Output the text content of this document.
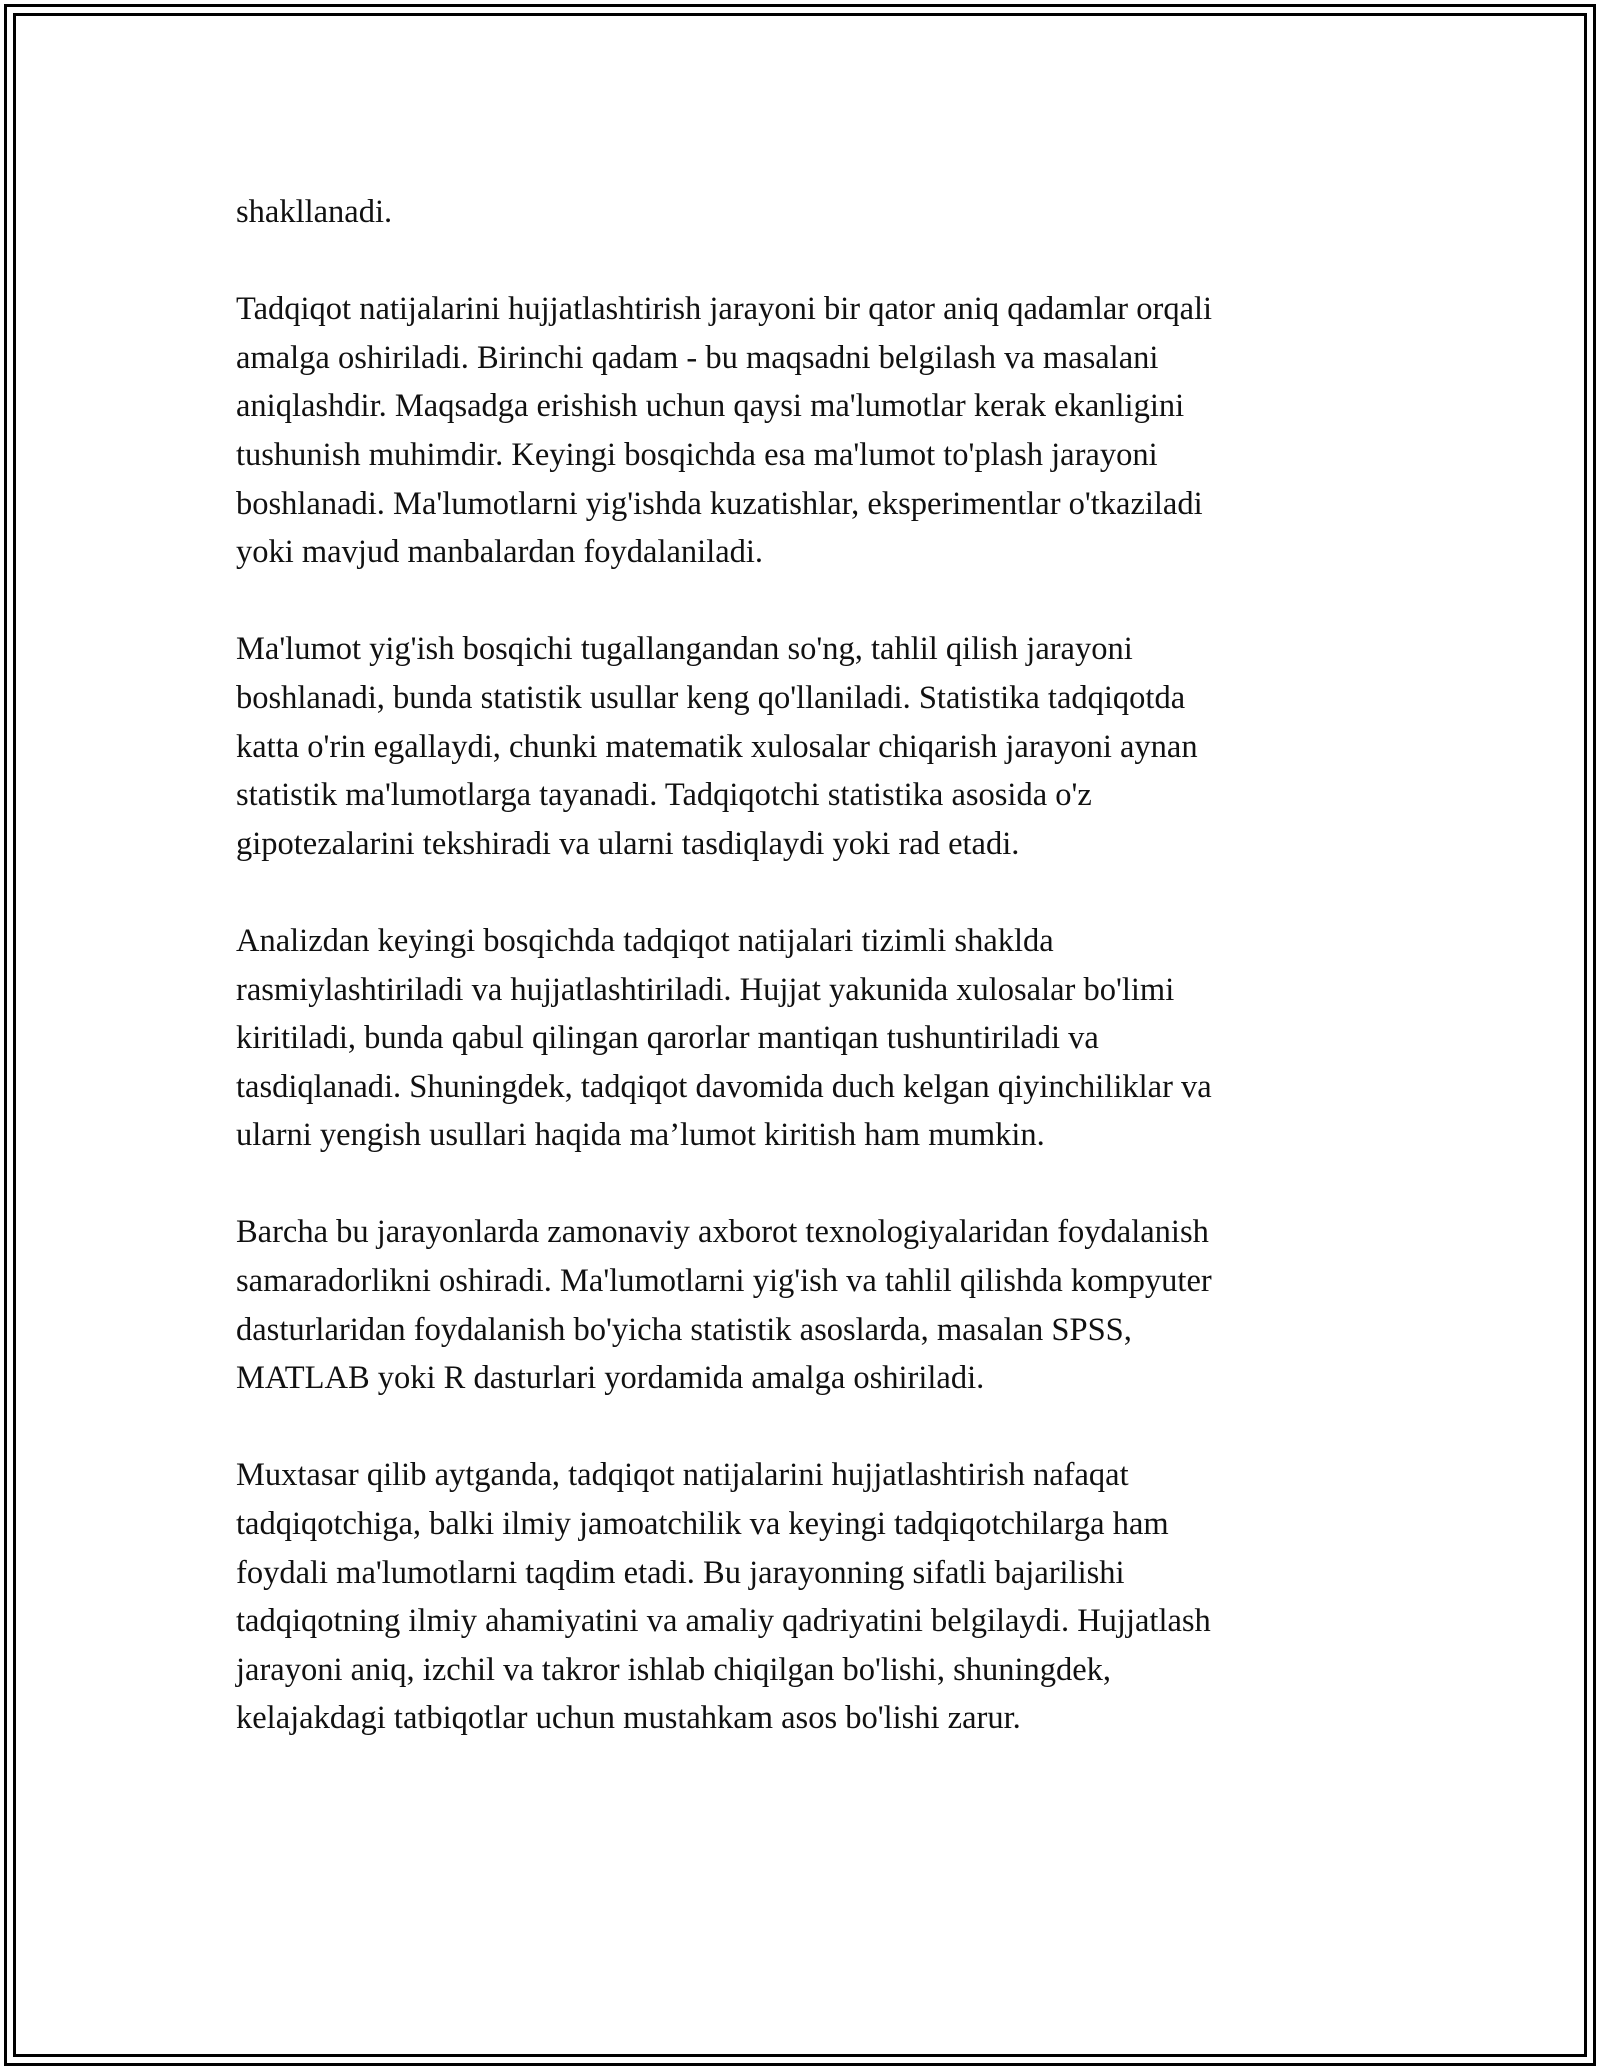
shakllanadi.

Tadqiqot natijalarini hujjatlashtirish jarayoni bir qator aniq qadamlar orqali
amalga oshiriladi. Birinchi qadam - bu maqsadni belgilash va masalani
aniqlashdir. Maqsadga erishish uchun qaysi ma'lumotlar kerak ekanligini
tushunish muhimdir. Keyingi bosqichda esa ma'lumot to'plash jarayoni
boshlanadi. Ma'lumotlarni yig'ishda kuzatishlar, eksperimentlar o'tkaziladi
yoki mavjud manbalardan foydalaniladi.

Ma'lumot yig'ish bosqichi tugallangandan so'ng, tahlil qilish jarayoni
boshlanadi, bunda statistik usullar keng qo'llaniladi. Statistika tadqiqotda
katta o'rin egallaydi, chunki matematik xulosalar chiqarish jarayoni aynan
statistik ma'lumotlarga tayanadi. Tadqiqotchi statistika asosida o'z
gipotezalarini tekshiradi va ularni tasdiqlaydi yoki rad etadi.

Analizdan keyingi bosqichda tadqiqot natijalari tizimli shaklda
rasmiylashtiriladi va hujjatlashtiriladi. Hujjat yakunida xulosalar bo'limi
kiritiladi, bunda qabul qilingan qarorlar mantiqan tushuntiriladi va
tasdiqlanadi. Shuningdek, tadqiqot davomida duch kelgan qiyinchiliklar va
ularni yengish usullari haqida ma’lumot kiritish ham mumkin.

Barcha bu jarayonlarda zamonaviy axborot texnologiyalaridan foydalanish
samaradorlikni oshiradi. Ma'lumotlarni yig'ish va tahlil qilishda kompyuter
dasturlaridan foydalanish bo'yicha statistik asoslarda, masalan SPSS,
MATLAB yoki R dasturlari yordamida amalga oshiriladi.

Muxtasar qilib aytganda, tadqiqot natijalarini hujjatlashtirish nafaqat
tadqiqotchiga, balki ilmiy jamoatchilik va keyingi tadqiqotchilarga ham
foydali ma'lumotlarni taqdim etadi. Bu jarayonning sifatli bajarilishi
tadqiqotning ilmiy ahamiyatini va amaliy qadriyatini belgilaydi. Hujjatlash
jarayoni aniq, izchil va takror ishlab chiqilgan bo'lishi, shuningdek,
kelajakdagi tatbiqotlar uchun mustahkam asos bo'lishi zarur.
